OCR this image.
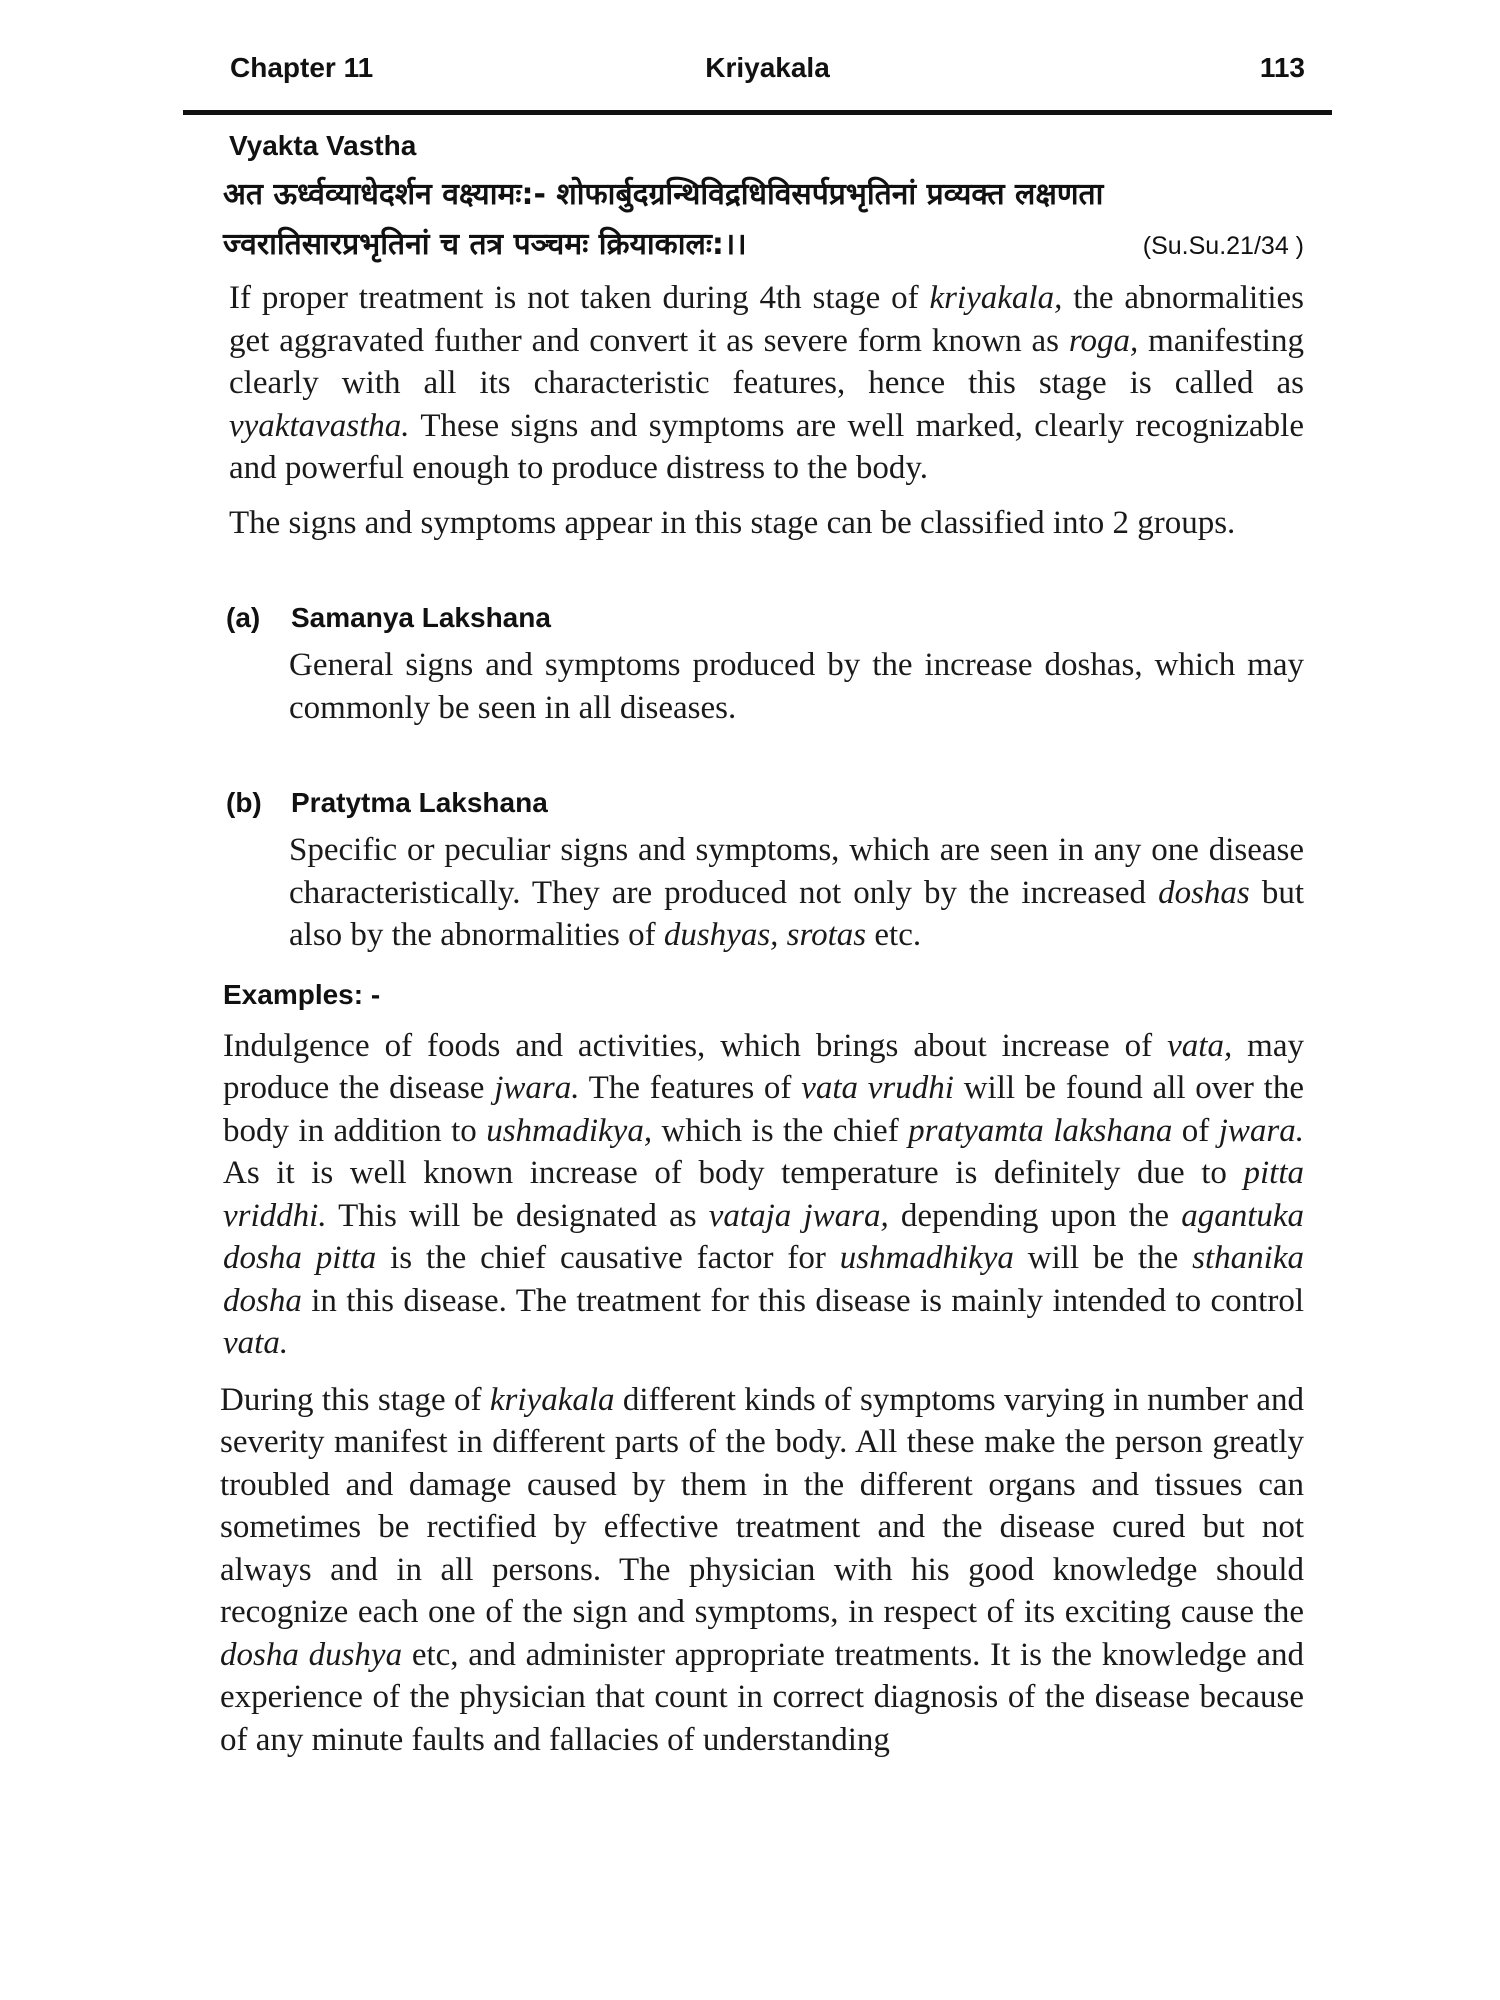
Chapter 11	Kriyakala	113
Vyakta Vastha
अत ऊर्ध्वव्याधेदर्शन वक्ष्यामः:- शोफार्बुदग्रन्थिविद्रधिविसर्पप्रभृतिनां प्रव्यक्त लक्षणता
ज्वरातिसारप्रभृतिनां च तत्र पञ्चमः क्रियाकालः:।।	(Su.Su.21/34 )

If proper treatment is not taken during 4th stage of kriyakala, the abnormalities get aggravated fuıther and convert it as severe form known as roga, manifesting clearly with all its characteristic features, hence this stage is called as vyaktavastha. These signs and symptoms are well marked, clearly recognizable and powerful enough to produce distress to the body.

The signs and symptoms appear in this stage can be classified into 2 groups.

(a)	Samanya Lakshana

General signs and symptoms produced by the increase doshas, which may commonly be seen in all diseases.

(b)	Pratytma Lakshana

Specific or peculiar signs and symptoms, which are seen in any one disease characteristically. They are produced not only by the increased doshas but also by the abnormalities of dushyas, srotas etc.

Examples: -

Indulgence of foods and activities, which brings about increase of vata, may produce the disease jwara. The features of vata vrudhi will be found all over the body in addition to ushmadikya, which is the chief pratyamta lakshana of jwara. As it is well known increase of body temperature is definitely due to pitta vriddhi. This will be designated as vataja jwara, depending upon the agantuka dosha pitta is the chief causative factor for ushmadhikya will be the sthanika dosha in this disease. The treatment for this disease is mainly intended to control vata.

During this stage of kriyakala different kinds of symptoms varying in number and severity manifest in different parts of the body. All these make the person greatly troubled and damage caused by them in the different organs and tissues can sometimes be rectified by effective treatment and the disease cured but not always and in all persons. The physician with his good knowledge should recognize each one of the sign and symptoms, in respect of its exciting cause the dosha dushya etc, and administer appropriate treatments. It is the knowledge and experience of the physician that count in correct diagnosis of the disease because of any minute faults and fallacies of understanding
